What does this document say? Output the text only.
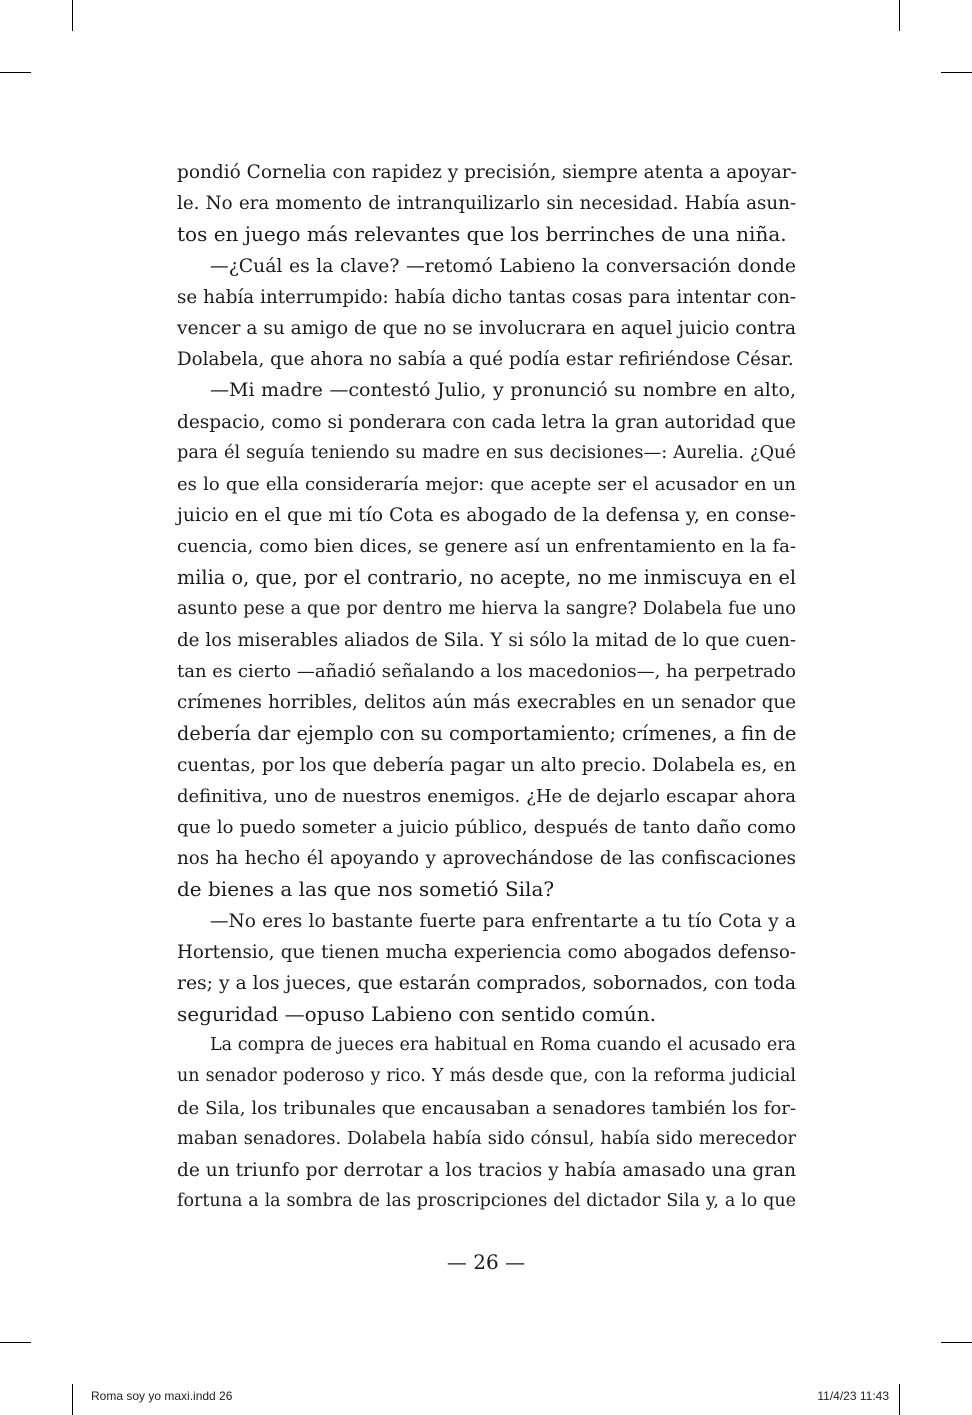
pondió Cornelia con rapidez y precisión, siempre atenta a apoyar-
le. No era momento de intranquilizarlo sin necesidad. Había asun-
tos en juego más relevantes que los berrinches de una niña.
—¿Cuál es la clave? —retomó Labieno la conversación donde
se había interrumpido: había dicho tantas cosas para intentar con-
vencer a su amigo de que no se involucrara en aquel juicio contra
Dolabela, que ahora no sabía a qué podía estar refiriéndose César.
—Mi madre —contestó Julio, y pronunció su nombre en alto,
despacio, como si ponderara con cada letra la gran autoridad que
para él seguía teniendo su madre en sus decisiones—: Aurelia. ¿Qué
es lo que ella consideraría mejor: que acepte ser el acusador en un
juicio en el que mi tío Cota es abogado de la defensa y, en conse-
cuencia, como bien dices, se genere así un enfrentamiento en la fa-
milia o, que, por el contrario, no acepte, no me inmiscuya en el
asunto pese a que por dentro me hierva la sangre? Dolabela fue uno
de los miserables aliados de Sila. Y si sólo la mitad de lo que cuen-
tan es cierto —añadió señalando a los macedonios—, ha perpetrado
crímenes horribles, delitos aún más execrables en un senador que
debería dar ejemplo con su comportamiento; crímenes, a fin de
cuentas, por los que debería pagar un alto precio. Dolabela es, en
definitiva, uno de nuestros enemigos. ¿He de dejarlo escapar ahora
que lo puedo someter a juicio público, después de tanto daño como
nos ha hecho él apoyando y aprovechándose de las confiscaciones
de bienes a las que nos sometió Sila?
—No eres lo bastante fuerte para enfrentarte a tu tío Cota y a
Hortensio, que tienen mucha experiencia como abogados defenso-
res; y a los jueces, que estarán comprados, sobornados, con toda
seguridad —opuso Labieno con sentido común.
La compra de jueces era habitual en Roma cuando el acusado era
un senador poderoso y rico. Y más desde que, con la reforma judicial
de Sila, los tribunales que encausaban a senadores también los for-
maban senadores. Dolabela había sido cónsul, había sido merecedor
de un triunfo por derrotar a los tracios y había amasado una gran
fortuna a la sombra de las proscripciones del dictador Sila y, a lo que
— 26 —
Roma soy yo maxi.indd 26	11/4/23 11:43
